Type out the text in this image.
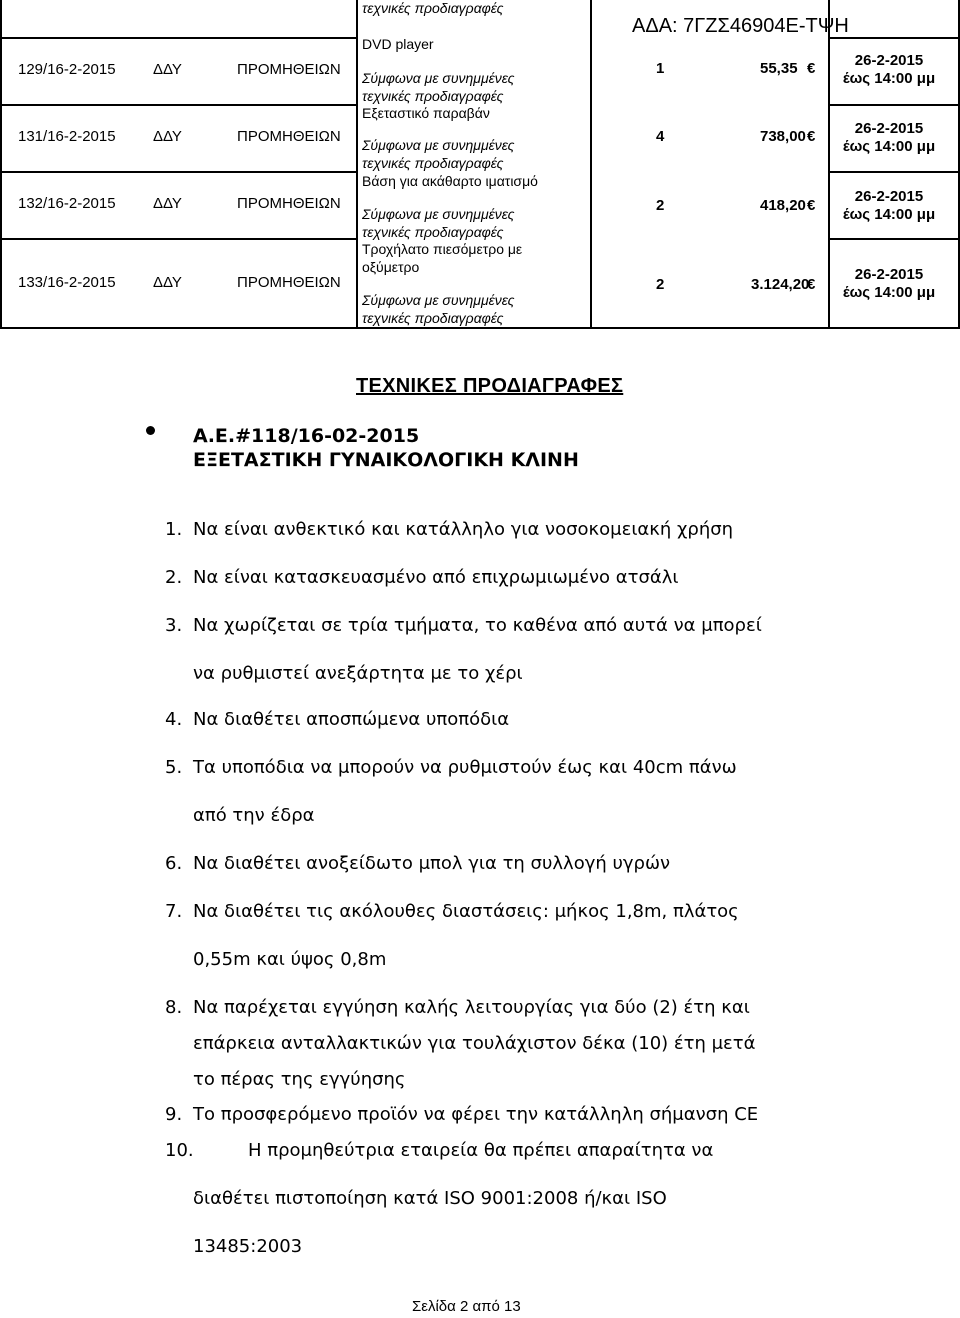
ΑΔΑ: 7ΓΖΣ46904Ε-ΤΨΗ
τεχνικές προδιαγραφές
129/16-2-2015 ΔΔΥ	ΠΡΟΜΗΘΕΙΩΝ
DVD player
Σύμφωνα με συνημμένες
τεχνικές προδιαγραφές
1	55,35 €	26-2-2015
έως 14:00 μμ
131/16-2-2015 ΔΔΥ	ΠΡΟΜΗΘΕΙΩΝ
Εξεταστικό παραβάν
Σύμφωνα με συνημμένες
τεχνικές προδιαγραφές
4	738,00 €	26-2-2015
έως 14:00 μμ
132/16-2-2015 ΔΔΥ	ΠΡΟΜΗΘΕΙΩΝ
Βάση για ακάθαρτο ιματισμό
Σύμφωνα με συνημμένες
τεχνικές προδιαγραφές
2	418,20 €
26-2-2015
έως 14:00 μμ
133/16-2-2015 ΔΔΥ	ΠΡΟΜΗΘΕΙΩΝ
Τροχήλατο πιεσόμετρο με
οξύμετρο
Σύμφωνα με συνημμένες
τεχνικές προδιαγραφές
2	3.124,20
€
26-2-2015
έως 14:00 μμ
ΤΕΧΝΙΚΕΣ ΠΡΟΔΙΑΓΡΑΦΕΣ
Α.Ε.#118/16-02-2015
ΕΞΕΤΑΣΤΙΚΗ ΓΥΝΑΙΚΟΛΟΓΙΚΗ ΚΛΙΝΗ
1. Να είναι ανθεκτικό και κατάλληλο για νοσοκομειακή χρήση
2. Να είναι κατασκευασμένο από επιχρωμιωμένο ατσάλι
3. Να χωρίζεται σε τρία τμήματα, το καθένα από αυτά να μπορεί
να ρυθμιστεί ανεξάρτητα με το χέρι
4. Να διαθέτει αποσπώμενα υποπόδια
5. Τα υποπόδια να μπορούν να ρυθμιστούν έως και 40cm πάνω
από την έδρα
6. Να διαθέτει ανοξείδωτο μπολ για τη συλλογή υγρών
7. Να διαθέτει τις ακόλουθες διαστάσεις: μήκος 1,8m, πλάτος
0,55m και ύψος 0,8m
8. Να παρέχεται εγγύηση καλής λειτουργίας για δύο (2) έτη και
επάρκεια ανταλλακτικών για τουλάχιστον δέκα (10) έτη μετά
το πέρας της εγγύησης
9. Το προσφερόμενο προϊόν να φέρει την κατάλληλη σήμανση CE
10.	Η προμηθεύτρια εταιρεία θα πρέπει απαραίτητα να
διαθέτει πιστοποίηση κατά ISO 9001:2008 ή/και ISO
13485:2003
Σελίδα 2 από 13
